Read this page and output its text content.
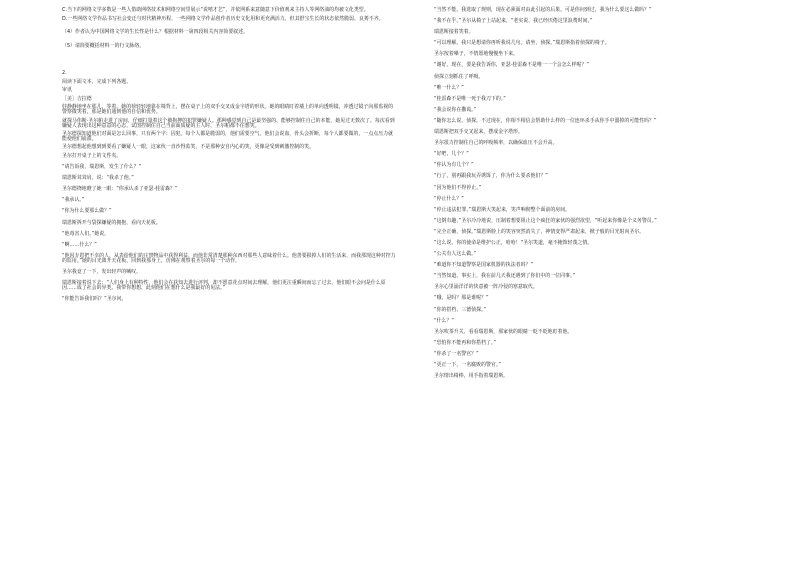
C.当下的网络文学多数是一些人借助网络技术和网络空间里展示“说嘻才艺”，并依网系来意随意下价值观来主持人等网络油的均被文化类型。

D.一些网络文学作品书写社会变迁与时代精神历程，一些网络文学作品创作者历史文化用和更充满活力，但其舒宝生长的状态依然脆弱、良莠不齐。

（4）作者认为中国网络文学的生长性是什么？根据材料一第四段相关内容简要叙述。

（5）请简要概括材料一的行文脉络。

2.

阅读下面文本，完成下列各题。

审讯

［美］吉拉德

娃静静地坐在那儿，等着。她的荷轻轻地靠在椅背上，摆在桌子上的双手交叉成金字塔的形状。她的眼睛盯着墙上的单向透明镜，冲透过镜子向那监视的警察微笑着，那是她们通到他的自信和优势。

就探马伟斯·圣尔帕走进了房间，仔细打量着这个被拘押的犯罪嫌疑人。那种感觉到自己是最坚强的、能够控制住自己的本能，她见过无数次了。每次看到嫌疑人表现出这种意意的心态，试图控制住自己当前面质疑的主人时，圣尔帕都不住想笑。

圣尔德探知道他们对面是怎么回事，只有两个字：囚犯。每个人都是脆弱的，他们需要空气，他们会说血，骨头会折断，每个人都要做的，一点点压力就能使他们崩溃。

圣尔德想起他想到到要看了嫌疑人一眼，这家伙一直沙得监笑，不是那种安自内心的笑，更像是受到刺激控制的笑。

圣尔打开桌子上的文件夹。

“请告诉我，瑞恩斯，发生了什么？”

瑞恩斯耸耸肩，说：“我杀了他。”

圣尔德挠地瞪了她一眼：“你承认杀了亚瑟·桂雷森？”

“我承认。”

“你为什么要那么做？”

瑞恩斯拆开与袋探嫌疑的拥抱，看向天花板。

“他毒害人们。”她说。

“啊……什么？”

“他因专恩把不幸的人，从表给他们的庄禁物品中获得利益，而他非常清楚那种东西对那些人意味着什么。他善要损掉人们的生活来，而我那现这种对控力的监用。”她的目光离开天花板，回到我那身上，仿佛在观察着圣尔的每一个动作。

圣尔我竟了一下，发出轻声的喊叹。

瑞恩斯接着说下去：“人们身上有种特性，他们会在获知去进行评判，却不愿意花点时间去理解。他们更注重瞬间而忘了过去，他们眼不会问是什么原因……成了社会的异类。我带你想想，此刻他们在想什么是我最好的见法。”

“你能告诉我们吗？”圣尔问。

“当然不能。我选取了规则，现在必须面对由此引起的后果。可是你问到过，我为什么要这么做吗？”

“我不在乎。”圣尔从椅子上站起来，“老实说，我已经厌倦这里浪费时间。”

瑞恩斯接着笑着。

“可以理解。我只是想请你再听我说几句。请坐，侦探。”瑞恩斯指着侦探的椅子。

圣尔按着嗓子，不情愿地慢慢坐下来。

“谢好。现在，要是我告诉你，亚瑟·桂雷森不是唯一一个会怎么样呢？”

侦探立刻抓住了呼吸。

“唯一什么？”

“桂雷森不是唯一死于我刀下的。”

“我会说你在撒谎。”

“随你怎么说，侦探。不过现在，你相不相信会帮助什么样的一位连环杀手从你手中溜掉的可能性吗？”

瑞恩斯把双手交叉起来，摆成金字塔形。

圣尔很力控制住自己的呼吸频率，以确保血压不会升高。

“好吧，几个？”

“你认为有几个？”

“行了，别再跟我玩弄诱饵了，你为什么要杀他们？”

“因为他们不得停止。”

“停止什么？”

“停止违法犯罪。”瑞恩斯大笑起来，笑声响彻整个面前的房间。

“这倒有趣，”圣尔冷冷地说，压制着想要阻止这个疯狂的家伙的强烈欲望，“听起来你像是个义务警员。”

“完全正确，侦探。”瑞恩斯脸上的笑容突然消失了，神情变得严肃起来，掀子般的目光射向圣尔。

“这么说，你的使命是维护公正，哈哈！”圣尔笑道，毫不掩饰轻蔑之情。

“公关有人这么做。”

“难道你不知道警察是国家机器的执法者吗？”

“当然知道。事实上，我在前几天我还遇到了你们中的一位同事。”

圣尔心里涌洋洋的快意被一阵冷侵的寒意取代。

“哦，是吗？那是谁呢？”

“你的搭档，三德侦探。”

“什么？”

圣尔吹茶升关，看看瑞恩斯，那家伙的眼睛一眨不眨地盯着他。

“恐怕你不能再和你搭档了。”

“你杀了一名警官？”

“更正一下，一名腐败的警官。”

圣尔情出椅棒，用手指着瑞恩斯。
